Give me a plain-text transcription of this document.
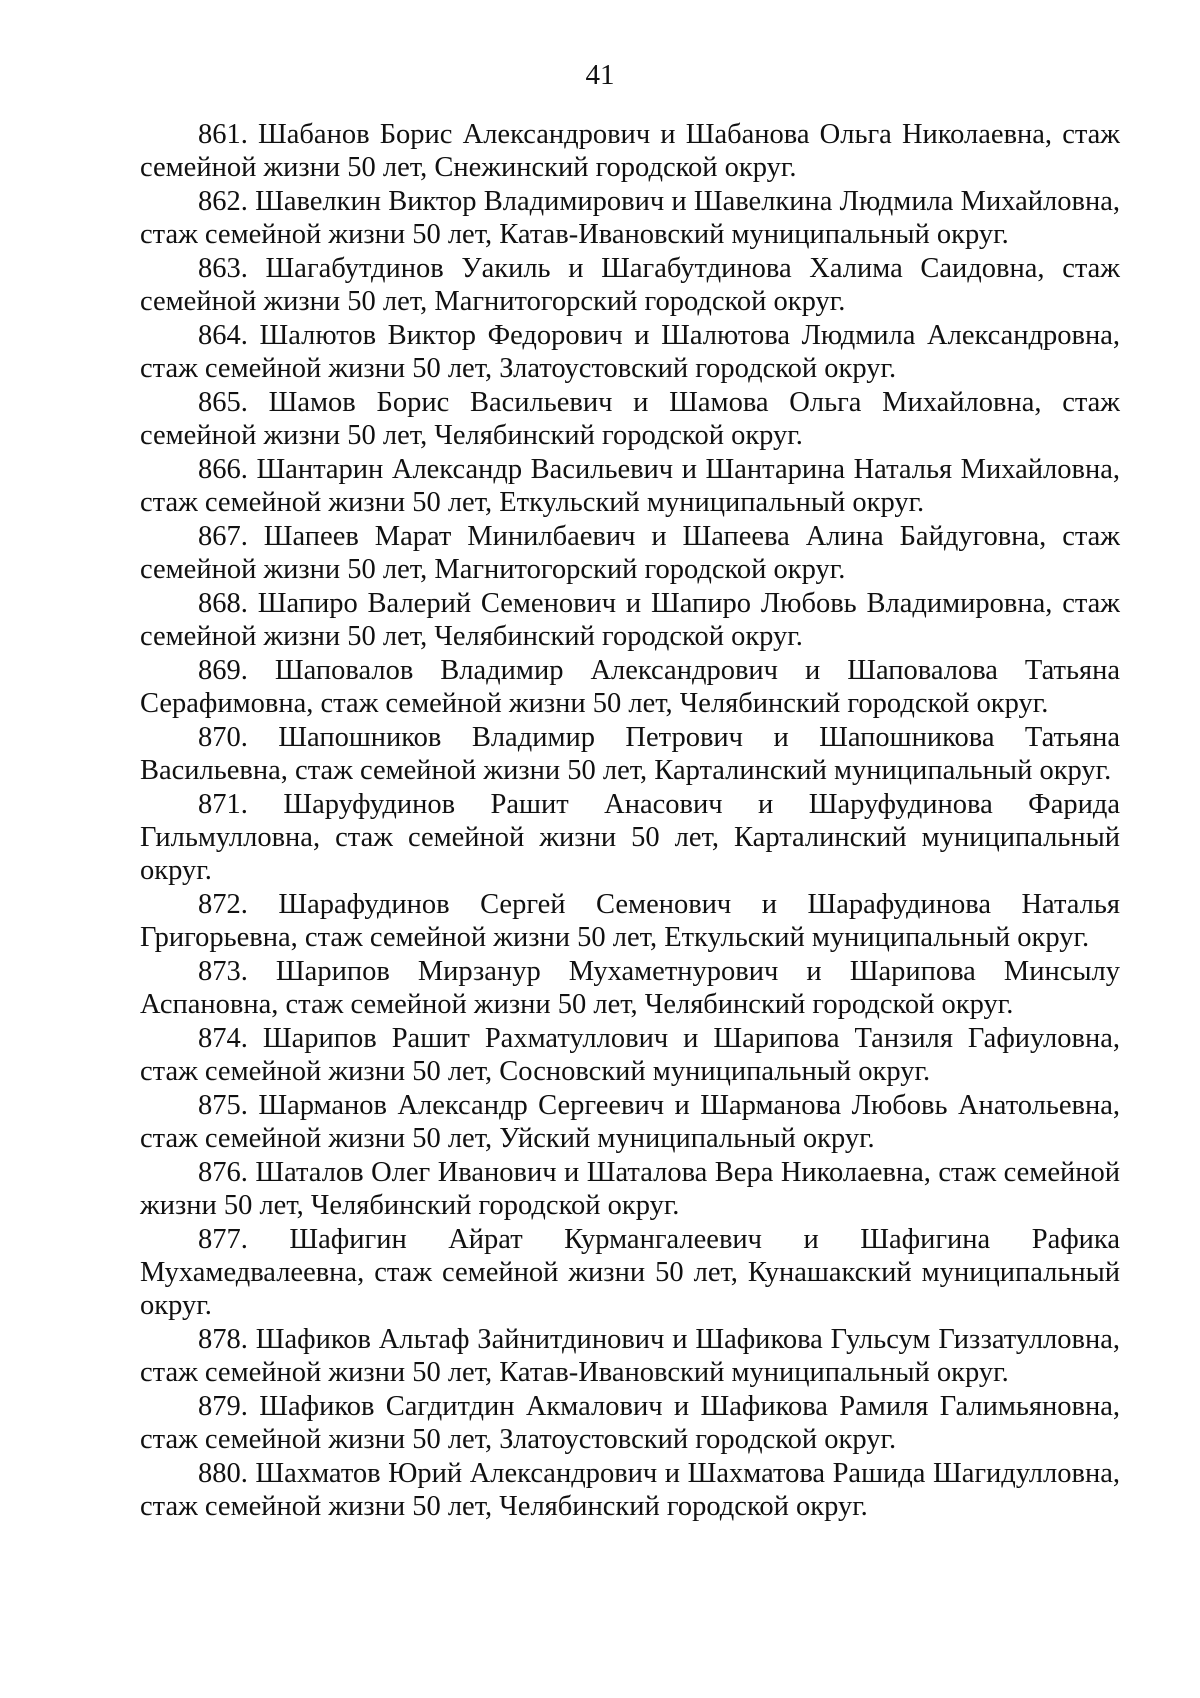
41

861. Шабанов Борис Александрович и Шабанова Ольга Николаевна, стаж семейной жизни 50 лет, Снежинский городской округ.

862. Шавелкин Виктор Владимирович и Шавелкина Людмила Михайловна, стаж семейной жизни 50 лет, Катав-Ивановский муниципальный округ.

863. Шагабутдинов Уакиль и Шагабутдинова Халима Саидовна, стаж семейной жизни 50 лет, Магнитогорский городской округ.

864. Шалютов Виктор Федорович и Шалютова Людмила Александровна, стаж семейной жизни 50 лет, Златоустовский городской округ.

865. Шамов Борис Васильевич и Шамова Ольга Михайловна, стаж семейной жизни 50 лет, Челябинский городской округ.

866. Шантарин Александр Васильевич и Шантарина Наталья Михайловна, стаж семейной жизни 50 лет, Еткульский муниципальный округ.

867. Шапеев Марат Минилбаевич и Шапеева Алина Байдуговна, стаж семейной жизни 50 лет, Магнитогорский городской округ.

868. Шапиро Валерий Семенович и Шапиро Любовь Владимировна, стаж семейной жизни 50 лет, Челябинский городской округ.

869. Шаповалов Владимир Александрович и Шаповалова Татьяна Серафимовна, стаж семейной жизни 50 лет, Челябинский городской округ.

870. Шапошников Владимир Петрович и Шапошникова Татьяна Васильевна, стаж семейной жизни 50 лет, Карталинский муниципальный округ.

871. Шаруфудинов Рашит Анасович и Шаруфудинова Фарида Гильмулловна, стаж семейной жизни 50 лет, Карталинский муниципальный округ.

872. Шарафудинов Сергей Семенович и Шарафудинова Наталья Григорьевна, стаж семейной жизни 50 лет, Еткульский муниципальный округ.

873. Шарипов Мирзанур Мухаметнурович и Шарипова Минсылу Аспановна, стаж семейной жизни 50 лет, Челябинский городской округ.

874. Шарипов Рашит Рахматуллович и Шарипова Танзиля Гафиуловна, стаж семейной жизни 50 лет, Сосновский муниципальный округ.

875. Шарманов Александр Сергеевич и Шарманова Любовь Анатольевна, стаж семейной жизни 50 лет, Уйский муниципальный округ.

876. Шаталов Олег Иванович и Шаталова Вера Николаевна, стаж семейной жизни 50 лет, Челябинский городской округ.

877. Шафигин Айрат Курмангалеевич и Шафигина Рафика Мухамедвалеевна, стаж семейной жизни 50 лет, Кунашакский муниципальный округ.

878. Шафиков Альтаф Зайнитдинович и Шафикова Гульсум Гиззатулловна, стаж семейной жизни 50 лет, Катав-Ивановский муниципальный округ.

879. Шафиков Сагдитдин Акмалович и Шафикова Рамиля Галимьяновна, стаж семейной жизни 50 лет, Златоустовский городской округ.

880. Шахматов Юрий Александрович и Шахматова Рашида Шагидулловна, стаж семейной жизни 50 лет, Челябинский городской округ.
